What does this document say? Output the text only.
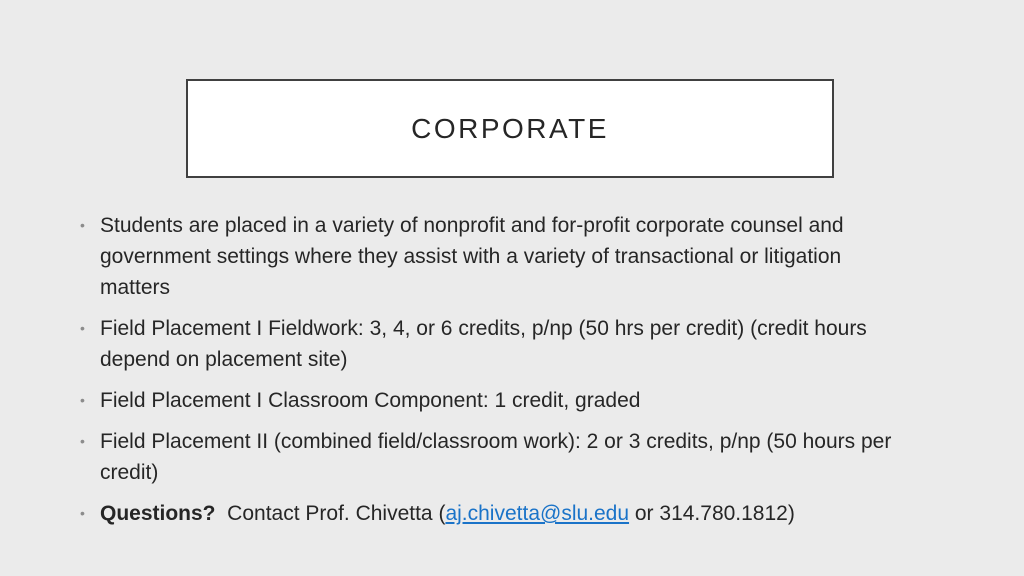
CORPORATE
• Students are placed in a variety of nonprofit and for-profit corporate counsel and government settings where they assist with a variety of transactional or litigation matters
• Field Placement I Fieldwork: 3, 4, or 6 credits, p/np (50 hrs per credit) (credit hours depend on placement site)
• Field Placement I Classroom Component: 1 credit, graded
• Field Placement II (combined field/classroom work): 2 or 3 credits, p/np (50 hours per credit)
• Questions?  Contact Prof. Chivetta (aj.chivetta@slu.edu or 314.780.1812)
